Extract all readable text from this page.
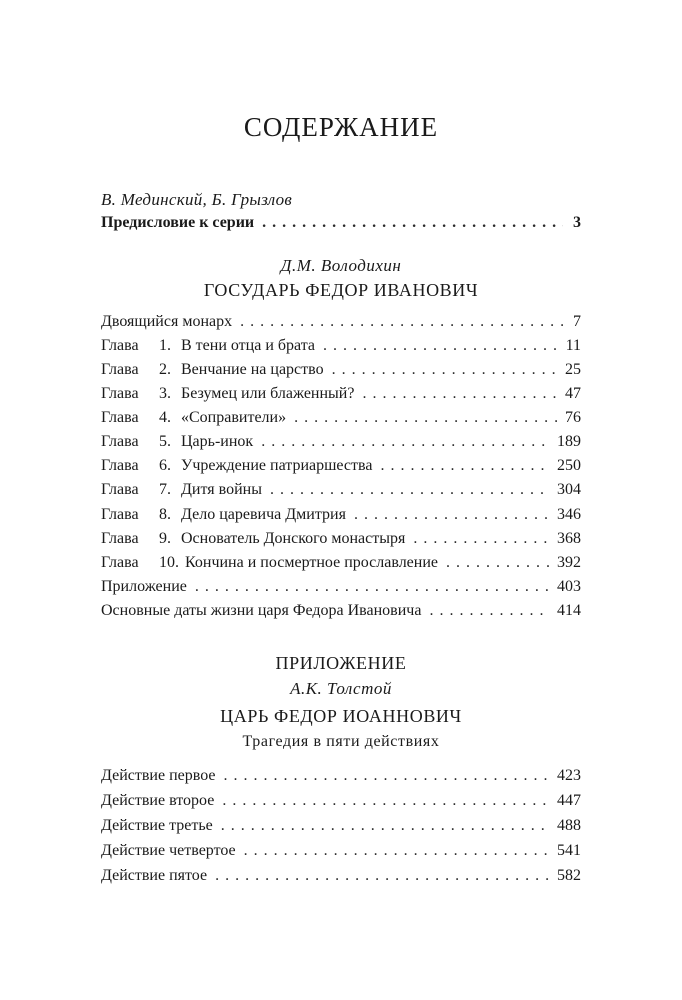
СОДЕРЖАНИЕ
В. Мединский, Б. Грызлов
Предисловие к серии . . .	3
Д.М. Володихин
ГОСУДАРЬ ФЕДОР ИВАНОВИЧ
Двоящийся монарх . . .	7
Глава	1. В тени отца и брата . . .	11
Глава	2. Венчание на царство . . .	25
Глава	3. Безумец или блаженный? . . .	47
Глава	4. «Соправители» . . .	76
Глава	5. Царь-инок . . .	189
Глава	6. Учреждение патриаршества . . .	250
Глава	7. Дитя войны . . .	304
Глава	8. Дело царевича Дмитрия . . .	346
Глава	9. Основатель Донского монастыря . . .	368
Глава	10. Кончина и посмертное прославление . . .	392
Приложение . . .	403
Основные даты жизни царя Федора Ивановича . . .	414
ПРИЛОЖЕНИЕ
А.К. Толстой
ЦАРЬ ФЕДОР ИОАННОВИЧ
Трагедия в пяти действиях
Действие первое . . .	423
Действие второе . . .	447
Действие третье . . .	488
Действие четвертое . . .	541
Действие пятое . . .	582
